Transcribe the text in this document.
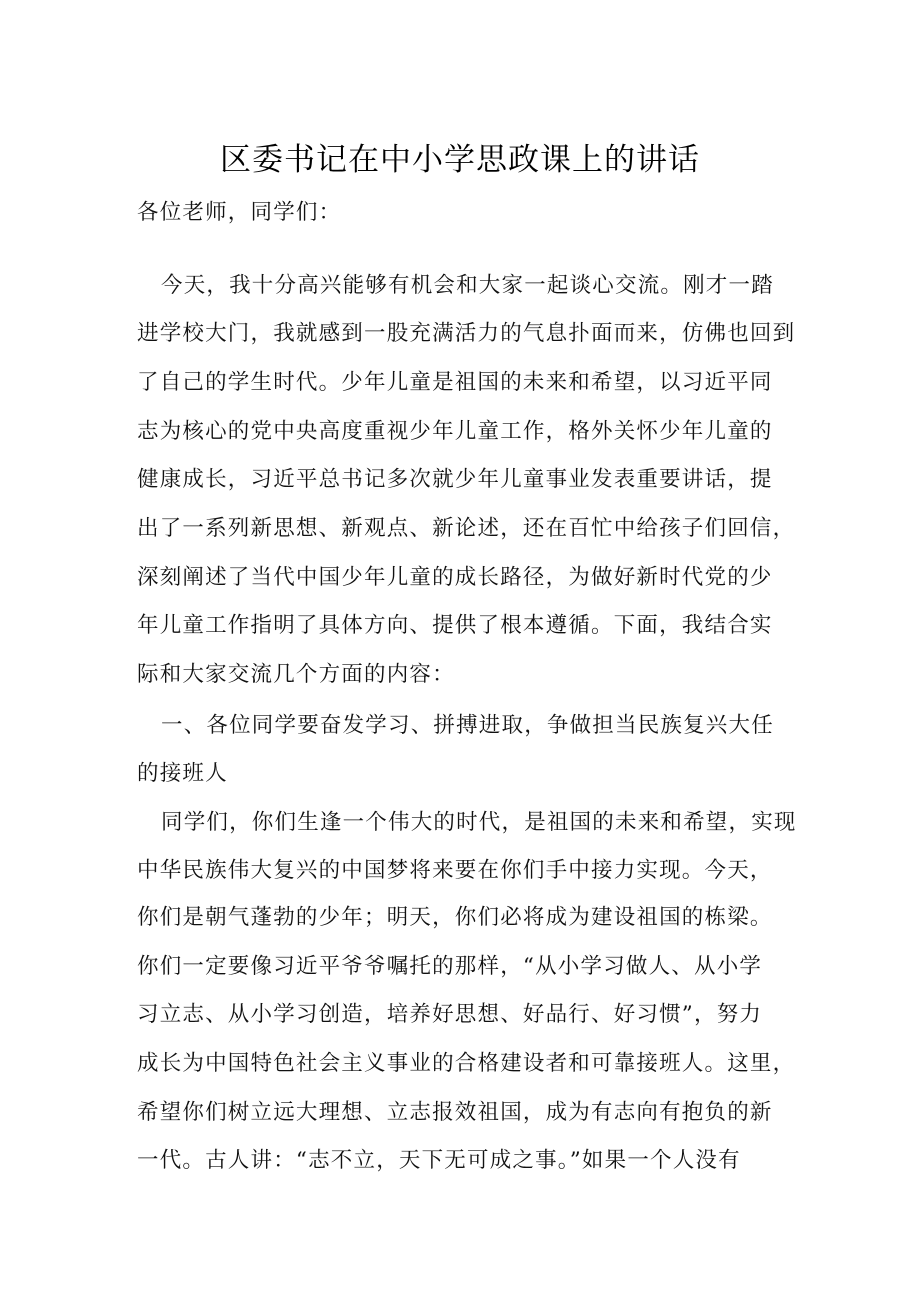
区委书记在中小学思政课上的讲话
各位老师，同学们：
今天，我十分高兴能够有机会和大家一起谈心交流。刚才一踏
进学校大门，我就感到一股充满活力的气息扑面而来，仿佛也回到
了自己的学生时代。少年儿童是祖国的未来和希望，以习近平同
志为核心的党中央高度重视少年儿童工作，格外关怀少年儿童的
健康成长，习近平总书记多次就少年儿童事业发表重要讲话，提
出了一系列新思想、新观点、新论述，还在百忙中给孩子们回信，
深刻阐述了当代中国少年儿童的成长路径，为做好新时代党的少
年儿童工作指明了具体方向、提供了根本遵循。下面，我结合实
际和大家交流几个方面的内容：
一、各位同学要奋发学习、拼搏进取，争做担当民族复兴大任
的接班人
同学们，你们生逢一个伟大的时代，是祖国的未来和希望，实现
中华民族伟大复兴的中国梦将来要在你们手中接力实现。今天，
你们是朝气蓬勃的少年；明天，你们必将成为建设祖国的栋梁。
你们一定要像习近平爷爷嘱托的那样，“从小学习做人、从小学
习立志、从小学习创造，培养好思想、好品行、好习惯”，努力
成长为中国特色社会主义事业的合格建设者和可靠接班人。这里，
希望你们树立远大理想、立志报效祖国，成为有志向有抱负的新
一代。古人讲：“志不立，天下无可成之事。”如果一个人没有
